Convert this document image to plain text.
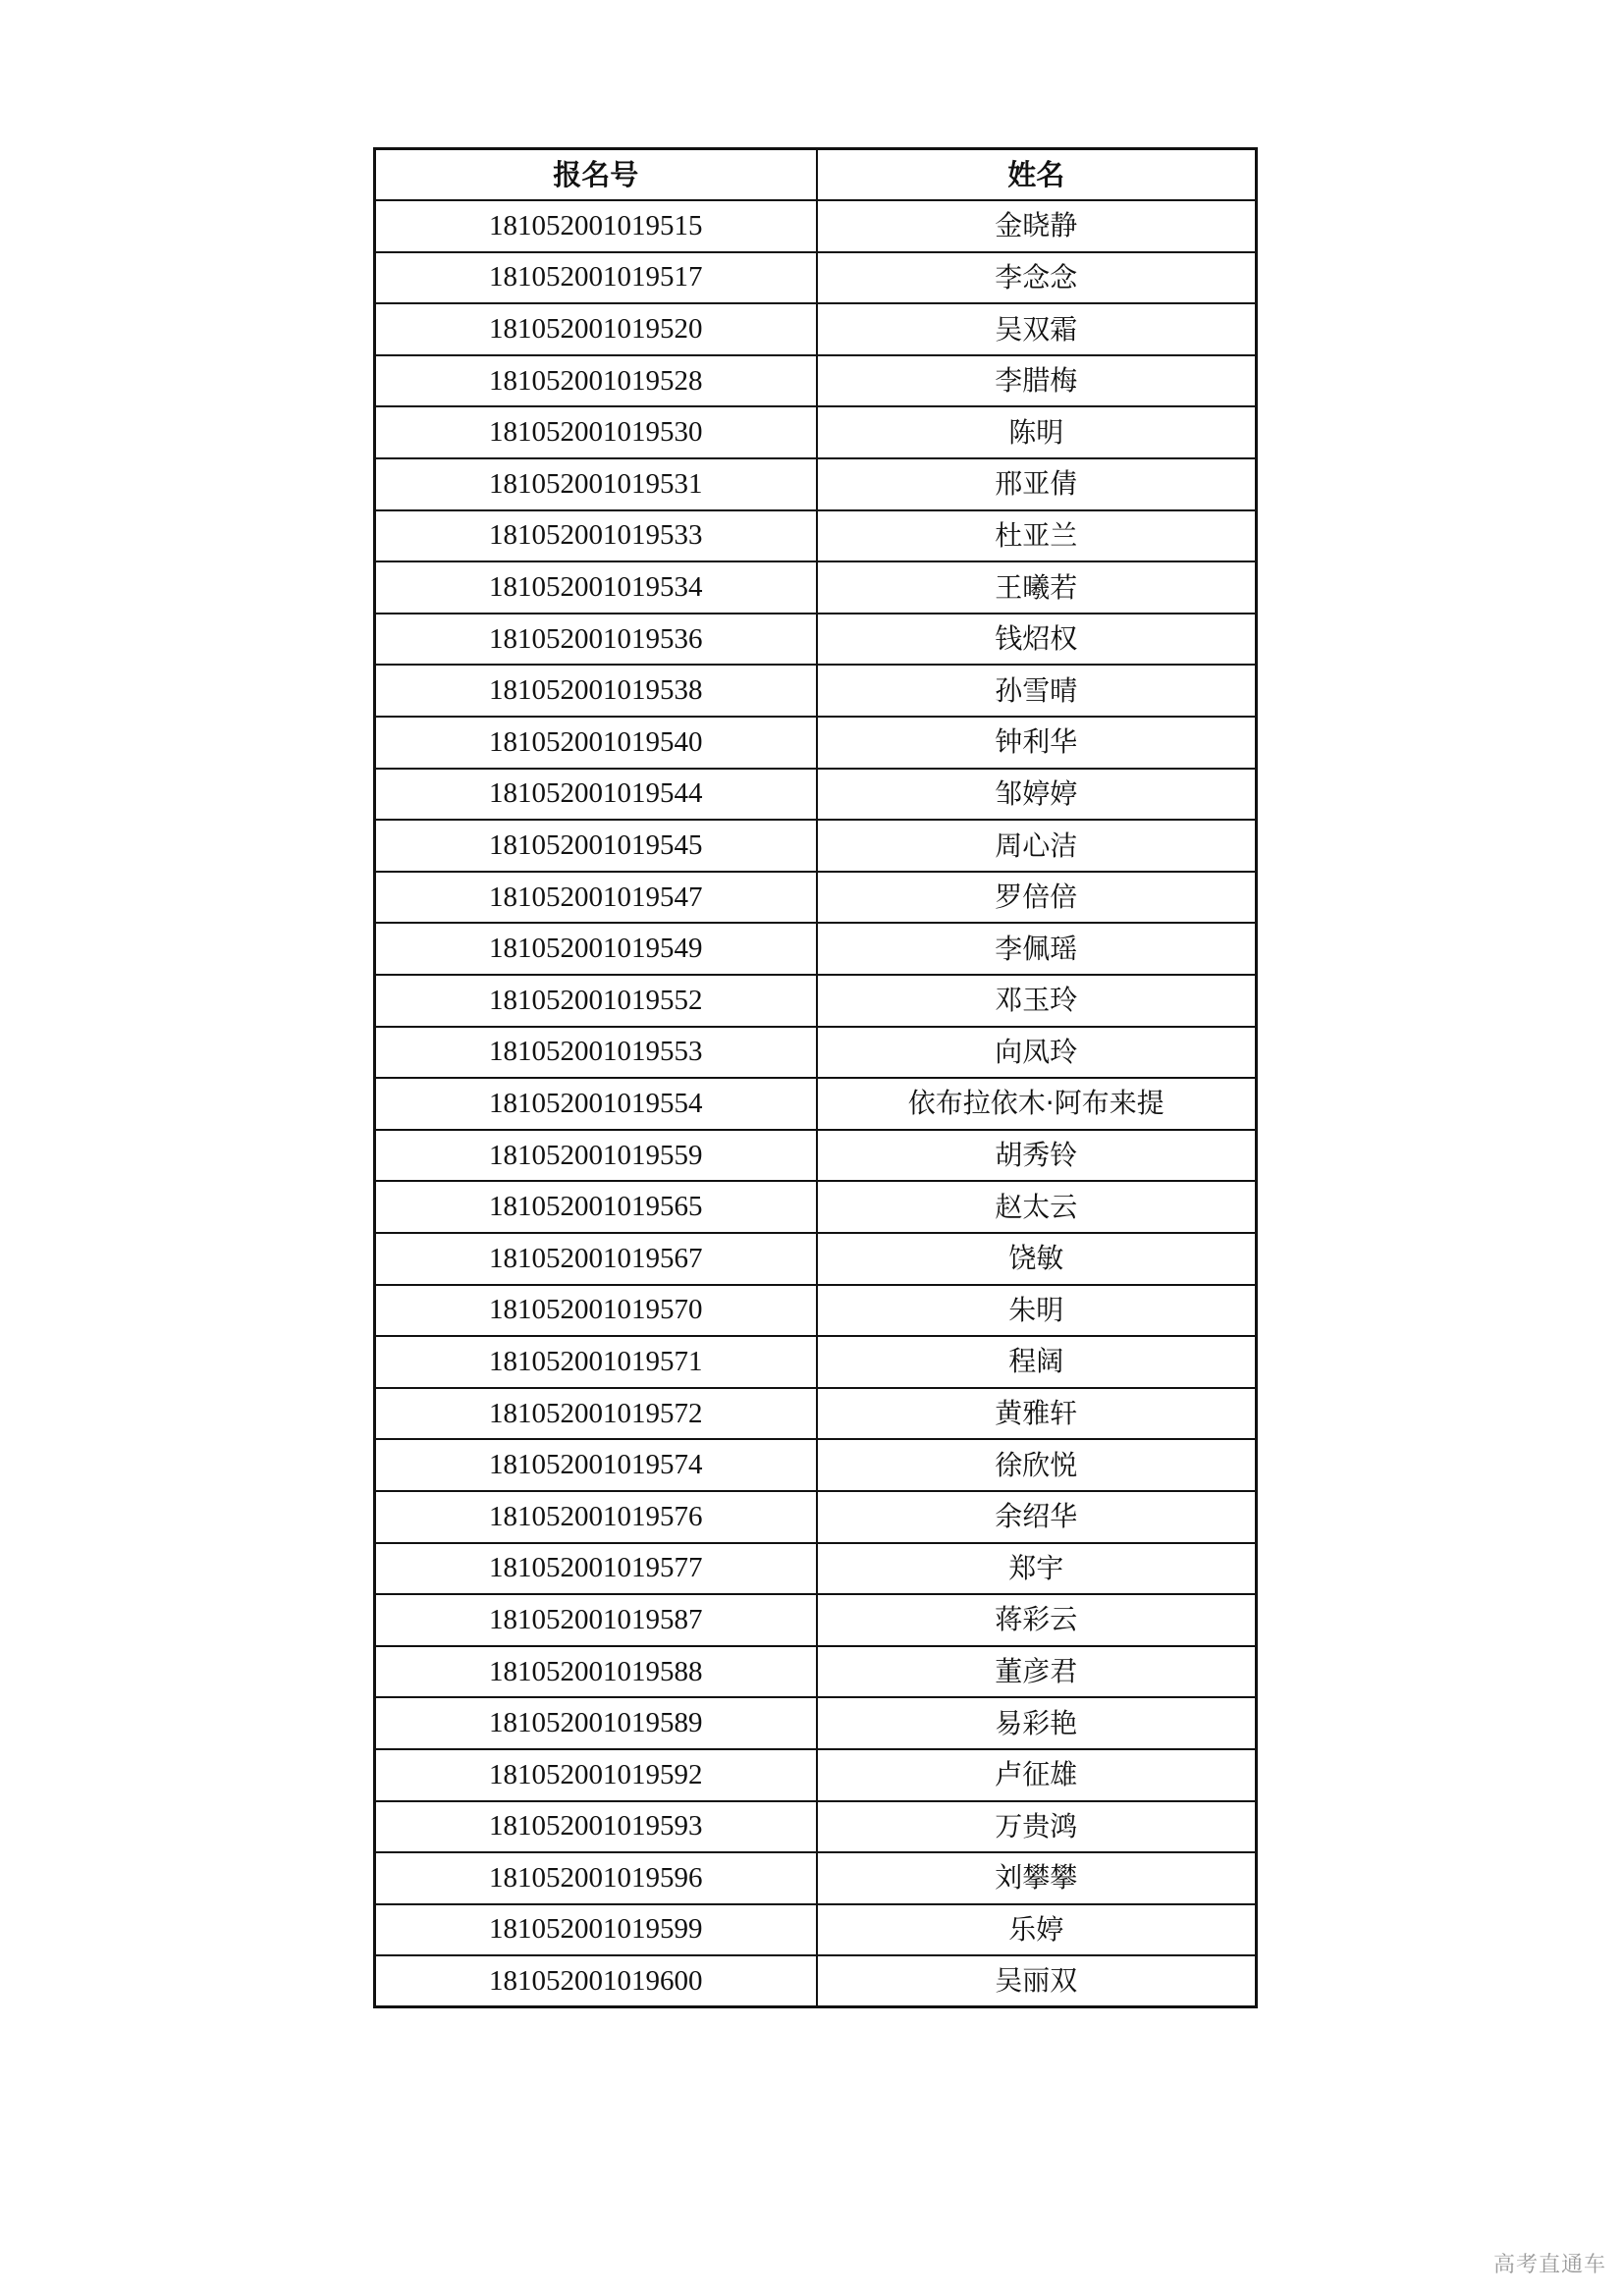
报名号	姓名
181052001019515	金晓静
181052001019517	李念念
181052001019520	吴双霜
181052001019528	李腊梅
181052001019530	陈明
181052001019531	邢亚倩
181052001019533	杜亚兰
181052001019534	王曦若
181052001019536	钱炤权
181052001019538	孙雪晴
181052001019540	钟利华
181052001019544	邹婷婷
181052001019545	周心洁
181052001019547	罗倍倍
181052001019549	李佩瑶
181052001019552	邓玉玲
181052001019553	向凤玲
181052001019554	依布拉依木·阿布来提
181052001019559	胡秀铃
181052001019565	赵太云
181052001019567	饶敏
181052001019570	朱明
181052001019571	程阔
181052001019572	黄雅轩
181052001019574	徐欣悦
181052001019576	余绍华
181052001019577	郑宇
181052001019587	蒋彩云
181052001019588	董彦君
181052001019589	易彩艳
181052001019592	卢征雄
181052001019593	万贵鸿
181052001019596	刘攀攀
181052001019599	乐婷
181052001019600	吴丽双
高考直通车
